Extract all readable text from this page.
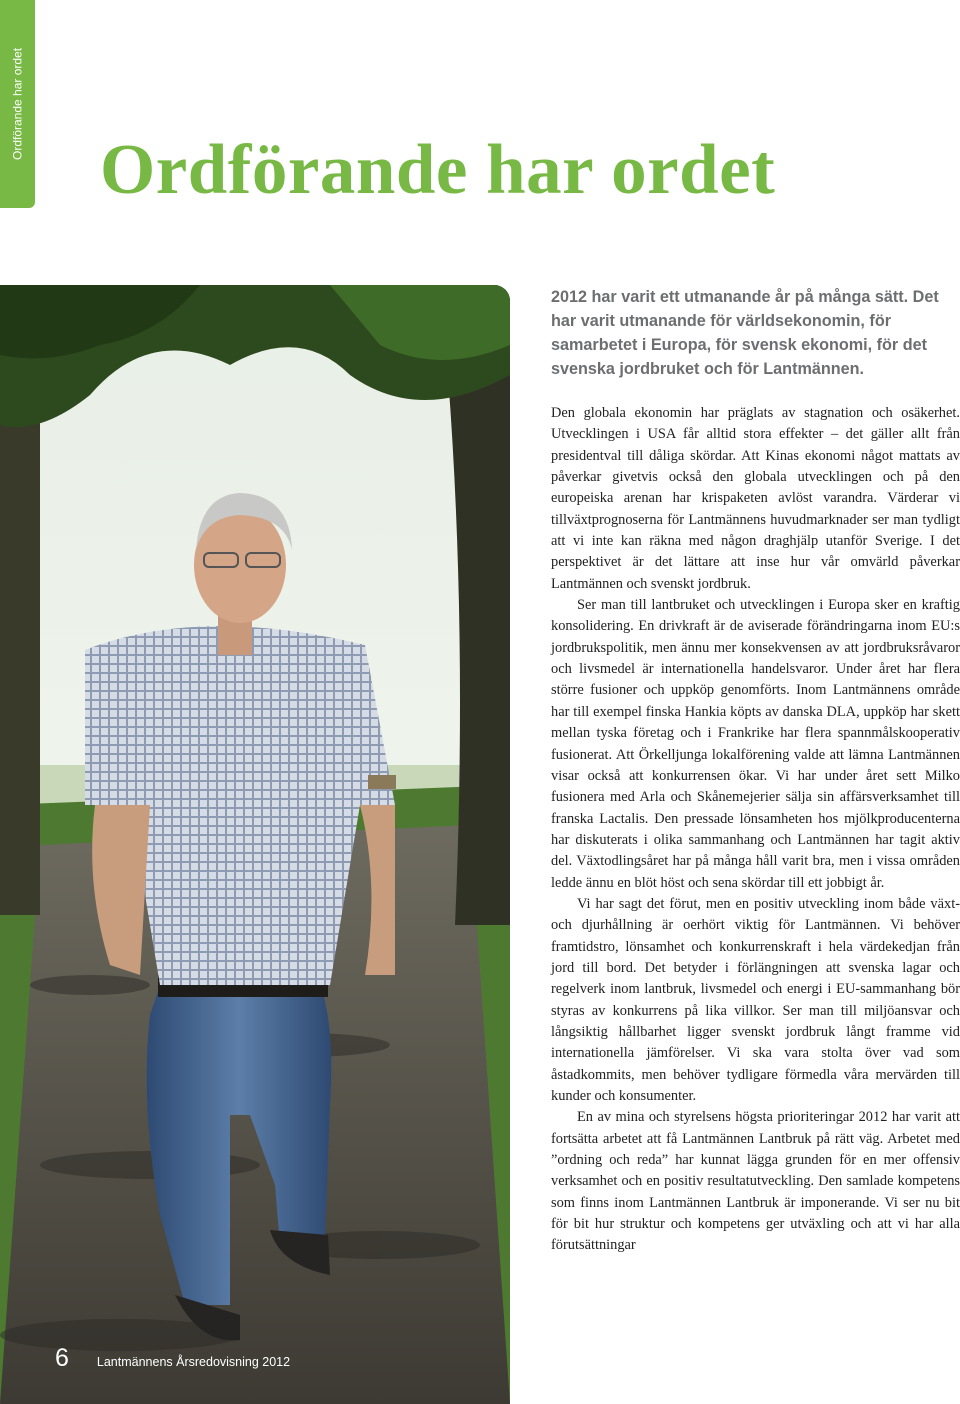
Ordförande har ordet
Ordförande har ordet

2012 har varit ett utmanande år på många sätt. Det har varit utmanande för världsekonomin, för samarbetet i Europa, för svensk ekonomi, för det svenska jordbruket och för Lantmännen.

Den globala ekonomin har präglats av stagnation och osäkerhet. Utvecklingen i USA får alltid stora effekter – det gäller allt från presidentval till dåliga skördar. Att Kinas ekonomi något mattats av påverkar givetvis också den globala utvecklingen och på den europeiska arenan har krispaketen avlöst varandra. Värderar vi tillväxtprognoserna för Lantmännens huvudmarknader ser man tydligt att vi inte kan räkna med någon draghjälp utanför Sverige. I det perspektivet är det lättare att inse hur vår omvärld påverkar Lantmännen och svenskt jordbruk.

Ser man till lantbruket och utvecklingen i Europa sker en kraftig konsolidering. En drivkraft är de aviserade förändringarna inom EU:s jordbrukspolitik, men ännu mer konsekvensen av att jordbruksråvaror och livsmedel är internationella handelsvaror. Under året har flera större fusioner och uppköp genomförts. Inom Lantmännens område har till exempel finska Hankia köpts av danska DLA, uppköp har skett mellan tyska företag och i Frankrike har flera spannmålskooperativ fusionerat. Att Örkelljunga lokalförening valde att lämna Lantmännen visar också att konkurrensen ökar. Vi har under året sett Milko fusionera med Arla och Skånemejerier sälja sin affärsverksamhet till franska Lactalis. Den pressade lönsamheten hos mjölkproducenterna har diskuterats i olika sammanhang och Lantmännen har tagit aktiv del. Växtodlingsåret har på många håll varit bra, men i vissa områden ledde ännu en blöt höst och sena skördar till ett jobbigt år.

Vi har sagt det förut, men en positiv utveckling inom både växt- och djurhållning är oerhört viktig för Lantmännen. Vi behöver framtidstro, lönsamhet och konkurrenskraft i hela värdekedjan från jord till bord. Det betyder i förlängningen att svenska lagar och regelverk inom lantbruk, livsmedel och energi i EU-sammanhang bör styras av konkurrens på lika villkor. Ser man till miljöansvar och långsiktig hållbarhet ligger svenskt jordbruk långt framme vid internationella jämförelser. Vi ska vara stolta över vad som åstadkommits, men behöver tydligare förmedla våra mervärden till kunder och konsumenter.

En av mina och styrelsens högsta prioriteringar 2012 har varit att fortsätta arbetet att få Lantmännen Lantbruk på rätt väg. Arbetet med ”ordning och reda” har kunnat lägga grunden för en mer offensiv verksamhet och en positiv resultatutveckling. Den samlade kompetens som finns inom Lantmännen Lantbruk är imponerande. Vi ser nu bit för bit hur struktur och kompetens ger utväxling och att vi har alla förutsättningar

6 Lantmännens Årsredovisning 2012
